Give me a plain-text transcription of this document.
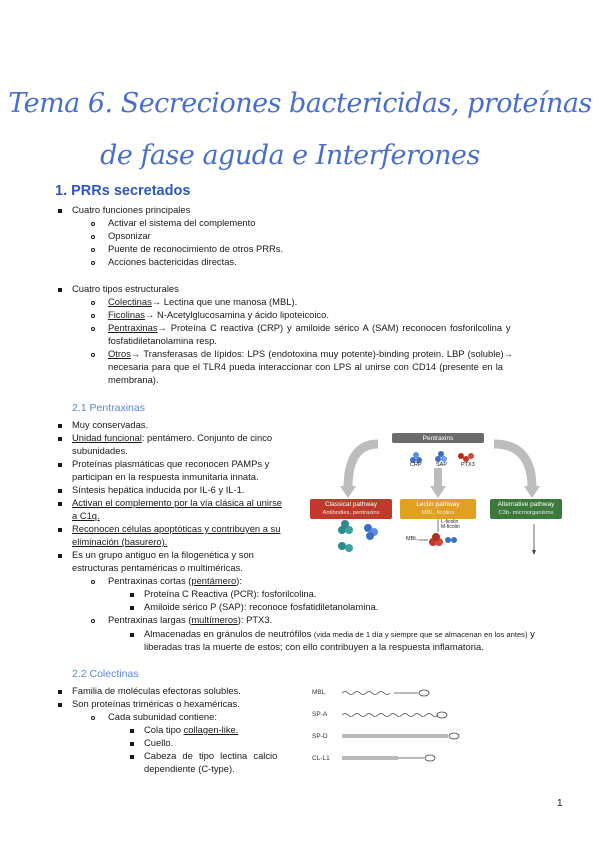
Tema 6. Secreciones bactericidas, proteínas
de fase aguda e Interferones
1. PRRs secretados
Cuatro funciones principales
Activar el sistema del complemento
Opsonizar
Puente de reconocimiento de otros PRRs.
Acciones bactericidas directas.
Cuatro tipos estructurales
Colectinas→ Lectina que une manosa (MBL).
Ficolinas→ N-Acetylglucosamina y ácido lipoteicoico.
Pentraxinas→ Proteína C reactiva (CRP) y amiloide sérico A (SAM) reconocen fosforilcolina y
fosfatidiletanolamina resp.
Otros→ Transferasas de lípidos: LPS (endotoxina muy potente)-binding protein. LBP (soluble)→
necesaria para que el TLR4 pueda interaccionar con LPS al unirse con CD14 (presente en la
membrana).
2.1 Pentraxinas
Muy conservadas.
Unidad funcional: pentámero. Conjunto de cinco
subunidades.
Proteínas plasmáticas que reconocen PAMPs y
participan en la respuesta inmunitaria innata.
Síntesis hepática inducida por IL-6 y IL-1.
Activan el complemento por la vía clásica al unirse
a C1q.
Reconocen células apoptóticas y contribuyen a su
eliminación (basurero).
Es un grupo antiguo en la filogenética y son
estructuras pentaméricas o multiméricas.
Pentraxinas cortas (pentámero):
Proteína C Reactiva (PCR): fosforilcolina.
Amiloide sérico P (SAP): reconoce fosfatidiletanolamina.
Pentraxinas largas (multímeros): PTX3.
Almacenadas en gránulos de neutrófilos (vida media de 1 día y siempre que se almacenan en los antes) y
liberadas tras la muerte de estos; con ello contribuyen a la respuesta inflamatoria.
Pentraxins
CRP	SAP	PTX3
Classical pathway
Antibodies, pentraxins
Lectin pathway
MBL, ficolins
Alternative pathway
C3b- microorganisms
MBL
L-ficolin
M-ficolin
2.2 Colectinas
Familia de moléculas efectoras solubles.
Son proteínas triméricas o hexaméricas.
Cada subunidad contiene:
Cola tipo collagen-like.
Cuello.
Cabeza de tipo lectina calcio
dependiente (C-type).
MBL
SP-A
SP-D
CL-L1
1
